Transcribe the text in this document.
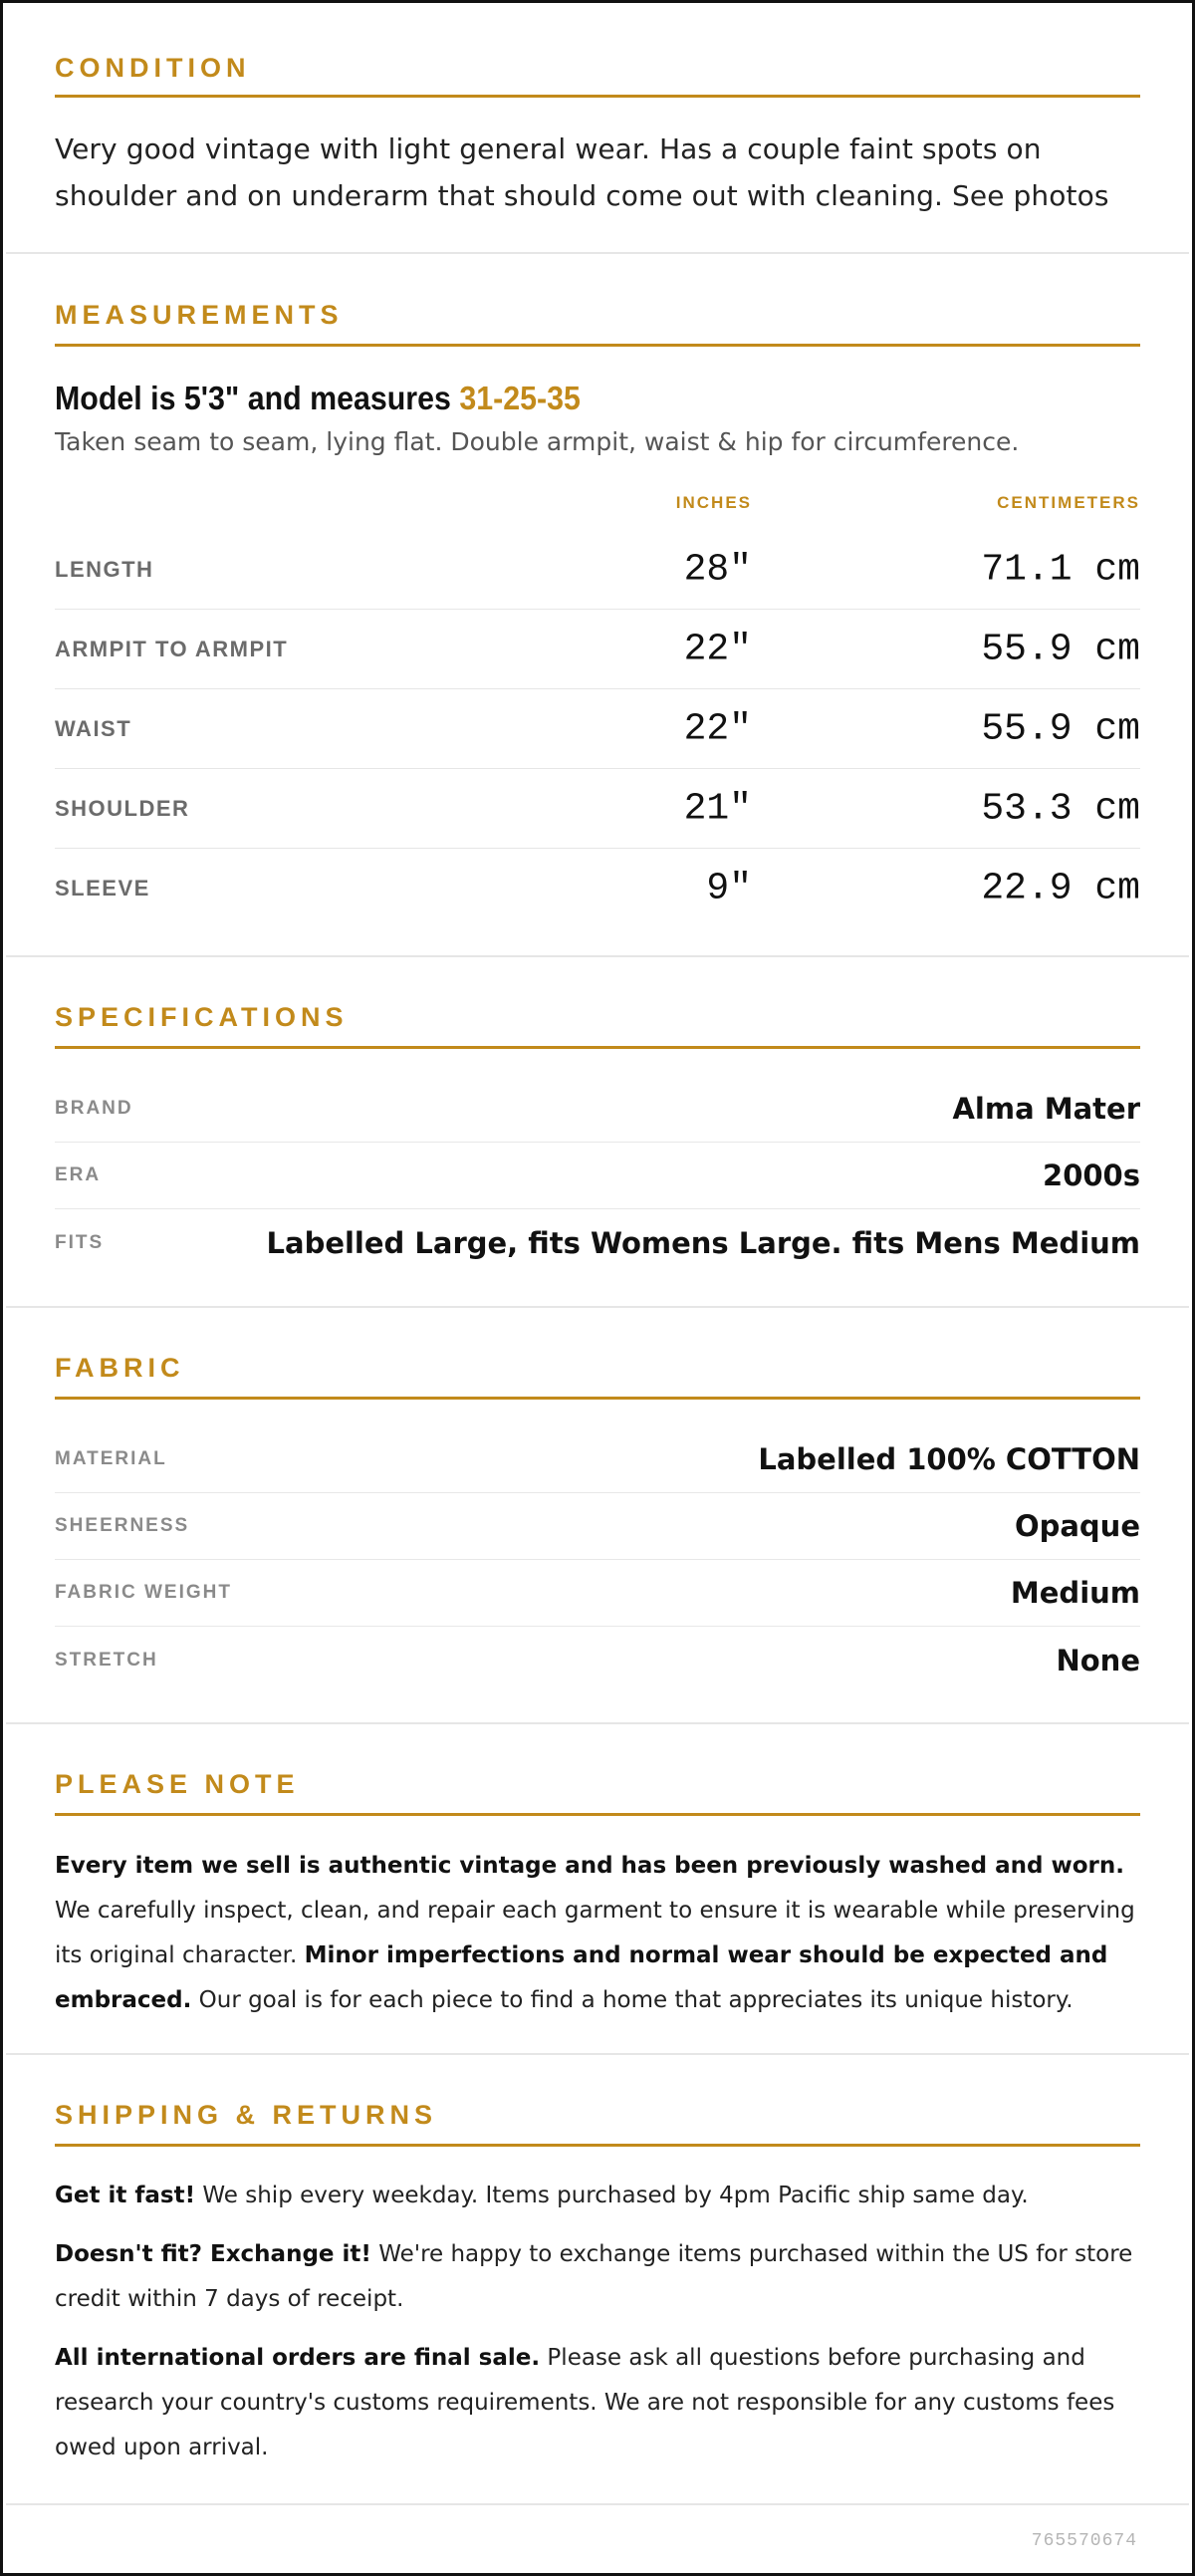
CONDITION
Very good vintage with light general wear. Has a couple faint spots on shoulder and on underarm that should come out with cleaning. See photos
MEASUREMENTS
Model is 5'3" and measures 31-25-35
Taken seam to seam, lying flat. Double armpit, waist & hip for circumference.
INCHES	CENTIMETERS
LENGTH	28"	71.1 cm
ARMPIT TO ARMPIT	22"	55.9 cm
WAIST	22"	55.9 cm
SHOULDER	21"	53.3 cm
SLEEVE	9"	22.9 cm
SPECIFICATIONS
BRAND	Alma Mater
ERA	2000s
FITS	Labelled Large, fits Womens Large. fits Mens Medium
FABRIC
MATERIAL	Labelled 100% COTTON
SHEERNESS	Opaque
FABRIC WEIGHT	Medium
STRETCH	None
PLEASE NOTE
Every item we sell is authentic vintage and has been previously washed and worn. We carefully inspect, clean, and repair each garment to ensure it is wearable while preserving its original character. Minor imperfections and normal wear should be expected and embraced. Our goal is for each piece to find a home that appreciates its unique history.
SHIPPING & RETURNS
Get it fast! We ship every weekday. Items purchased by 4pm Pacific ship same day.
Doesn't fit? Exchange it! We're happy to exchange items purchased within the US for store credit within 7 days of receipt.
All international orders are final sale. Please ask all questions before purchasing and research your country's customs requirements. We are not responsible for any customs fees owed upon arrival.
765570674
